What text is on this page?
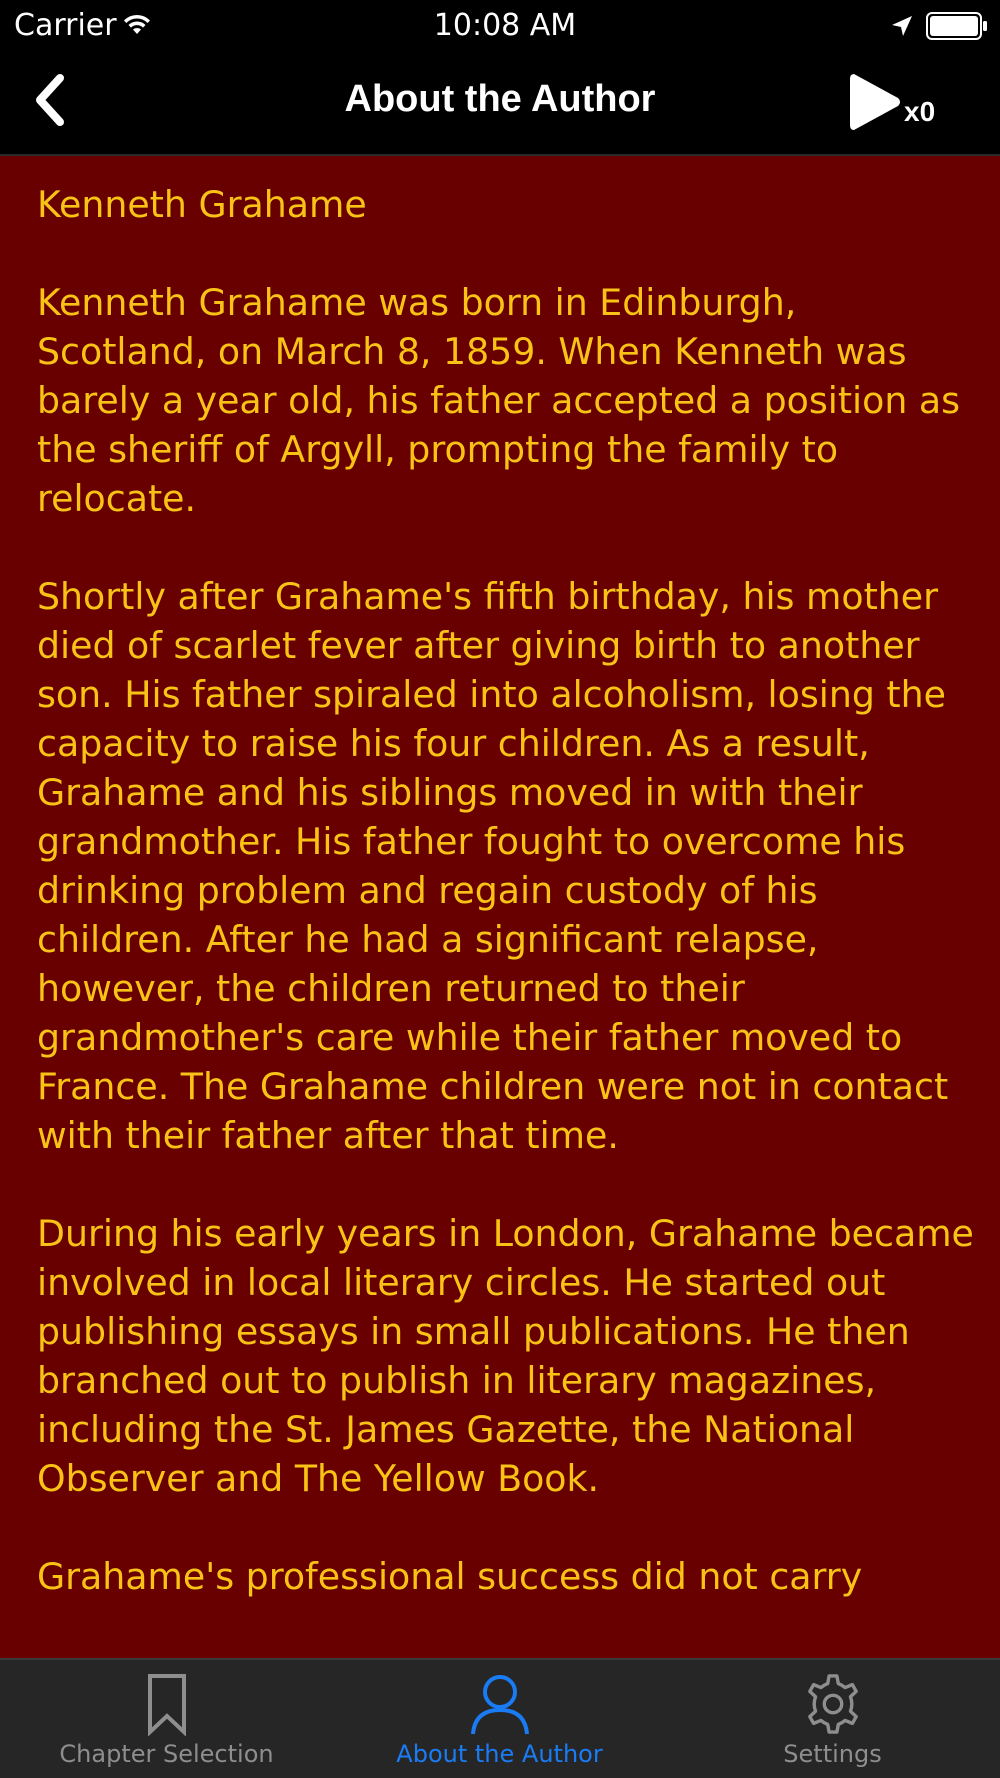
Carrier	10:08 AM
About the Author	x0

Kenneth Grahame

Kenneth Grahame was born in Edinburgh, Scotland, on March 8, 1859. When Kenneth was barely a year old, his father accepted a position as the sheriff of Argyll, prompting the family to relocate.

Shortly after Grahame's fifth birthday, his mother died of scarlet fever after giving birth to another son. His father spiraled into alcoholism, losing the capacity to raise his four children. As a result, Grahame and his siblings moved in with their grandmother. His father fought to overcome his drinking problem and regain custody of his children. After he had a significant relapse, however, the children returned to their grandmother's care while their father moved to France. The Grahame children were not in contact with their father after that time.

During his early years in London, Grahame became involved in local literary circles. He started out publishing essays in small publications. He then branched out to publish in literary magazines, including the St. James Gazette, the National Observer and The Yellow Book.

Grahame's professional success did not carry

Chapter Selection	About the Author	Settings
